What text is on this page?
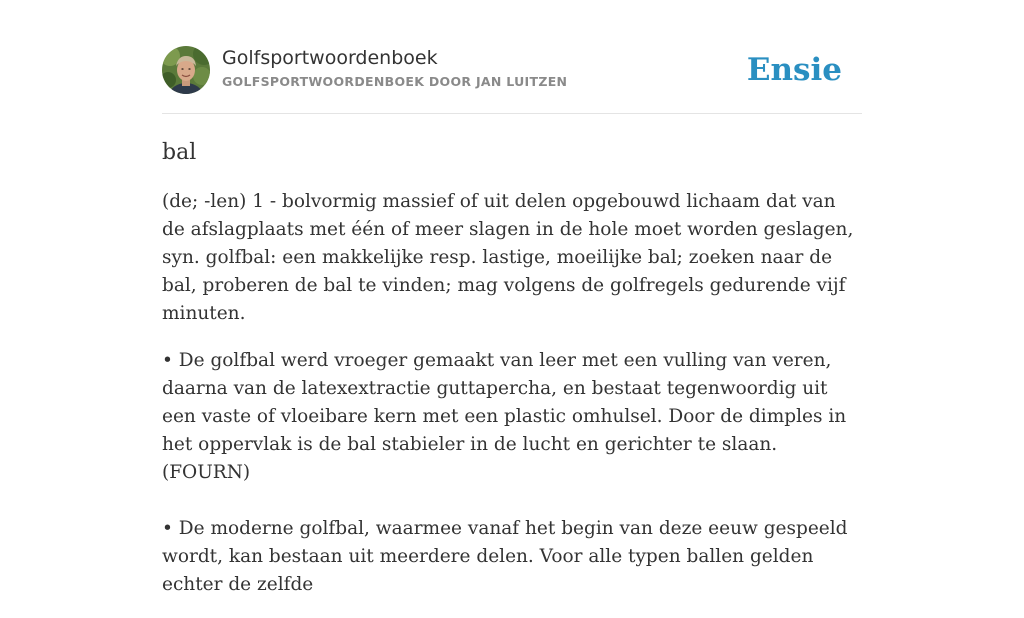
Golfsportwoordenboek
GOLFSPORTWOORDENBOEK DOOR JAN LUITZEN	Ensie
bal

(de; -len) 1 - bolvormig massief of uit delen opgebouwd lichaam dat van de afslagplaats met één of meer slagen in de hole moet worden geslagen, syn. golfbal: een makkelijke resp. lastige, moeilijke bal; zoeken naar de bal, proberen de bal te vinden; mag volgens de golfregels gedurende vijf minuten.

• De golfbal werd vroeger gemaakt van leer met een vulling van veren, daarna van de latexextractie guttapercha, en bestaat tegenwoordig uit een vaste of vloeibare kern met een plastic omhulsel. Door de dimples in het oppervlak is de bal stabieler in de lucht en gerichter te slaan. (FOURN)

• De moderne golfbal, waarmee vanaf het begin van deze eeuw gespeeld wordt, kan bestaan uit meerdere delen. Voor alle typen ballen gelden echter de zelfde
